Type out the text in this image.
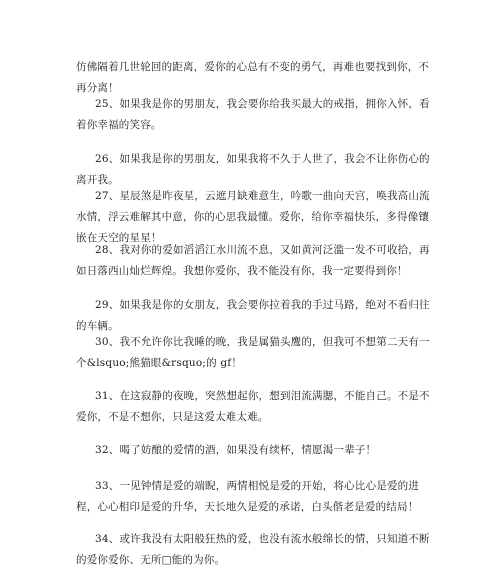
仿佛隔着几世轮回的距离，爱你的心总有不变的勇气，再难也要找到你，不再分离！

25、如果我是你的男朋友，我会要你给我买最大的戒指，拥你入怀，看着你幸福的笑容。

26、如果我是你的男朋友，如果我将不久于人世了，我会不让你伤心的离开我。

27、星辰煞是昨夜星，云遮月缺难意生，吟歌一曲向天宫，唤我高山流水情，浮云难解其中意，你的心思我最懂。爱你，给你幸福快乐，多得像镶嵌在天空的星星！

28、我对你的爱如滔滔江水川流不息，又如黄河泛滥一发不可收拾，再如日落西山灿烂辉煌。我想你爱你，我不能没有你，我一定要得到你！

29、如果我是你的女朋友，我会要你拉着我的手过马路，绝对不看归往的车辆。

30、我不允许你比我睡的晚，我是属猫头鹰的，但我可不想第二天有一个&lsquo;熊猫眼&rsquo;的 gf！

31、在这寂静的夜晚，突然想起你，想到泪流满腮，不能自己。不是不爱你，不是不想你，只是这爱太难太难。

32、喝了妨酿的爱情的酒，如果没有续杯，情愿渴一辈子！

33、一见钟情是爱的端睨，两情相悦是爱的开始，将心比心是爱的进程，心心相印是爱的升华，天长地久是爱的承诺，白头偕老是爱的结局！

34、或许我没有太阳般狂热的爱，也没有流水般绵长的情，只知道不断的爱你爱你、无所□能的为你。
